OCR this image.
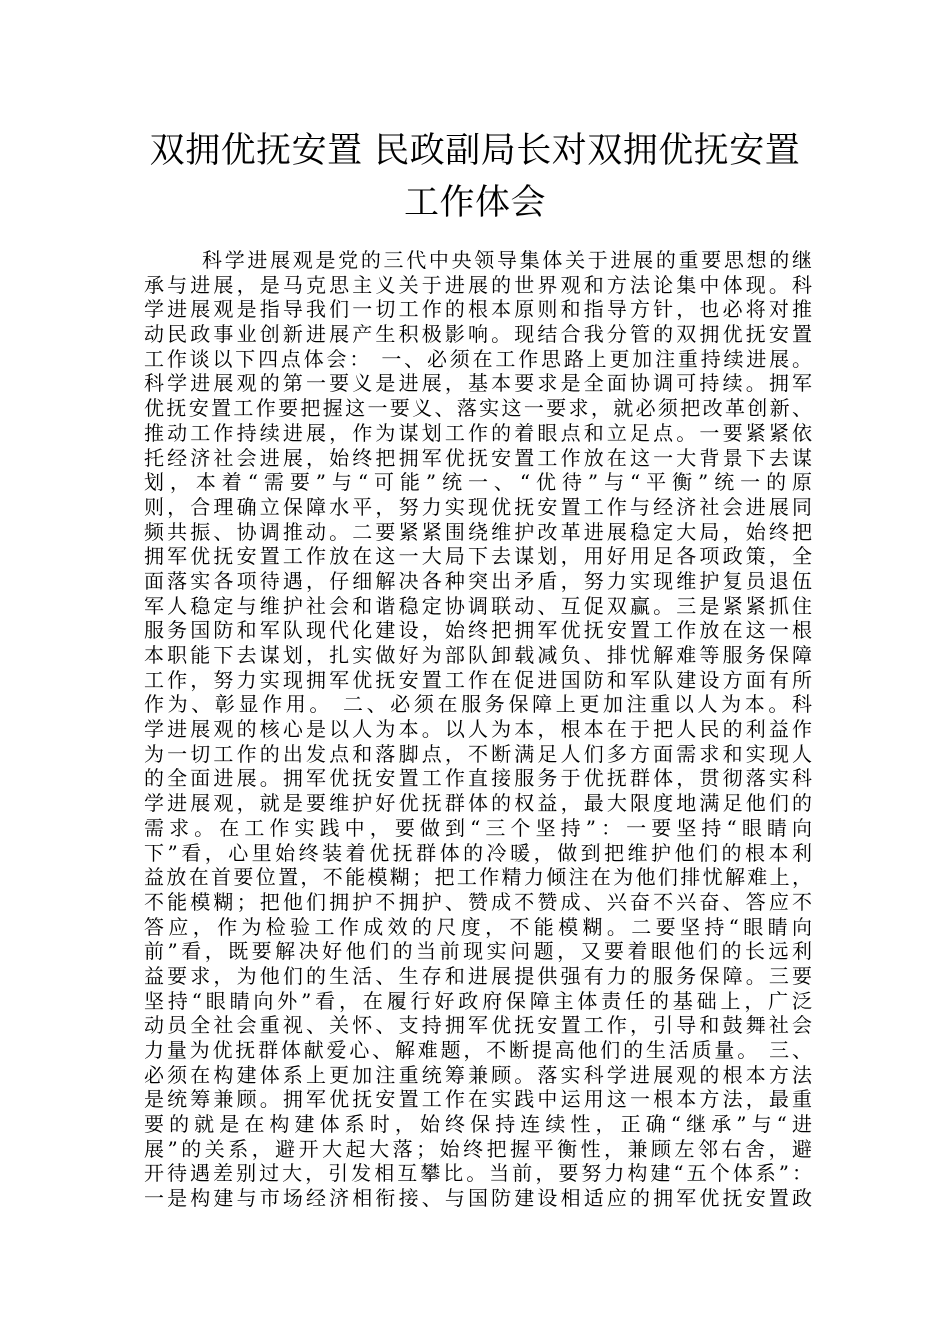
双拥优抚安置 民政副局长对双拥优抚安置
工作体会
科学进展观是党的三代中央领导集体关于进展的重要思想的继
承与进展，是马克思主义关于进展的世界观和方法论集中体现。科
学进展观是指导我们一切工作的根本原则和指导方针，也必将对推
动民政事业创新进展产生积极影响。现结合我分管的双拥优抚安置
工作谈以下四点体会： 一、必须在工作思路上更加注重持续进展。
科学进展观的第一要义是进展，基本要求是全面协调可持续。拥军
优抚安置工作要把握这一要义、落实这一要求，就必须把改革创新、
推动工作持续进展，作为谋划工作的着眼点和立足点。一要紧紧依
托经济社会进展，始终把拥军优抚安置工作放在这一大背景下去谋
划，本着“需要”与“可能”统一、“优待”与“平衡”统一的原
则，合理确立保障水平，努力实现优抚安置工作与经济社会进展同
频共振、协调推动。二要紧紧围绕维护改革进展稳定大局，始终把
拥军优抚安置工作放在这一大局下去谋划，用好用足各项政策，全
面落实各项待遇，仔细解决各种突出矛盾，努力实现维护复员退伍
军人稳定与维护社会和谐稳定协调联动、互促双赢。三是紧紧抓住
服务国防和军队现代化建设，始终把拥军优抚安置工作放在这一根
本职能下去谋划，扎实做好为部队卸载减负、排忧解难等服务保障
工作，努力实现拥军优抚安置工作在促进国防和军队建设方面有所
作为、彰显作用。 二、必须在服务保障上更加注重以人为本。科
学进展观的核心是以人为本。以人为本，根本在于把人民的利益作
为一切工作的出发点和落脚点，不断满足人们多方面需求和实现人
的全面进展。拥军优抚安置工作直接服务于优抚群体，贯彻落实科
学进展观，就是要维护好优抚群体的权益，最大限度地满足他们的
需求。在工作实践中，要做到“三个坚持”：一要坚持“眼睛向
下”看，心里始终装着优抚群体的冷暖，做到把维护他们的根本利
益放在首要位置，不能模糊；把工作精力倾注在为他们排忧解难上，
不能模糊；把他们拥护不拥护、赞成不赞成、兴奋不兴奋、答应不
答应，作为检验工作成效的尺度，不能模糊。二要坚持“眼睛向
前”看，既要解决好他们的当前现实问题，又要着眼他们的长远利
益要求，为他们的生活、生存和进展提供强有力的服务保障。三要
坚持“眼睛向外”看，在履行好政府保障主体责任的基础上，广泛
动员全社会重视、关怀、支持拥军优抚安置工作，引导和鼓舞社会
力量为优抚群体献爱心、解难题，不断提高他们的生活质量。 三、
必须在构建体系上更加注重统筹兼顾。落实科学进展观的根本方法
是统筹兼顾。拥军优抚安置工作在实践中运用这一根本方法，最重
要的就是在构建体系时，始终保持连续性，正确“继承”与“进
展”的关系，避开大起大落；始终把握平衡性，兼顾左邻右舍，避
开待遇差别过大，引发相互攀比。当前，要努力构建“五个体系”：
一是构建与市场经济相衔接、与国防建设相适应的拥军优抚安置政
